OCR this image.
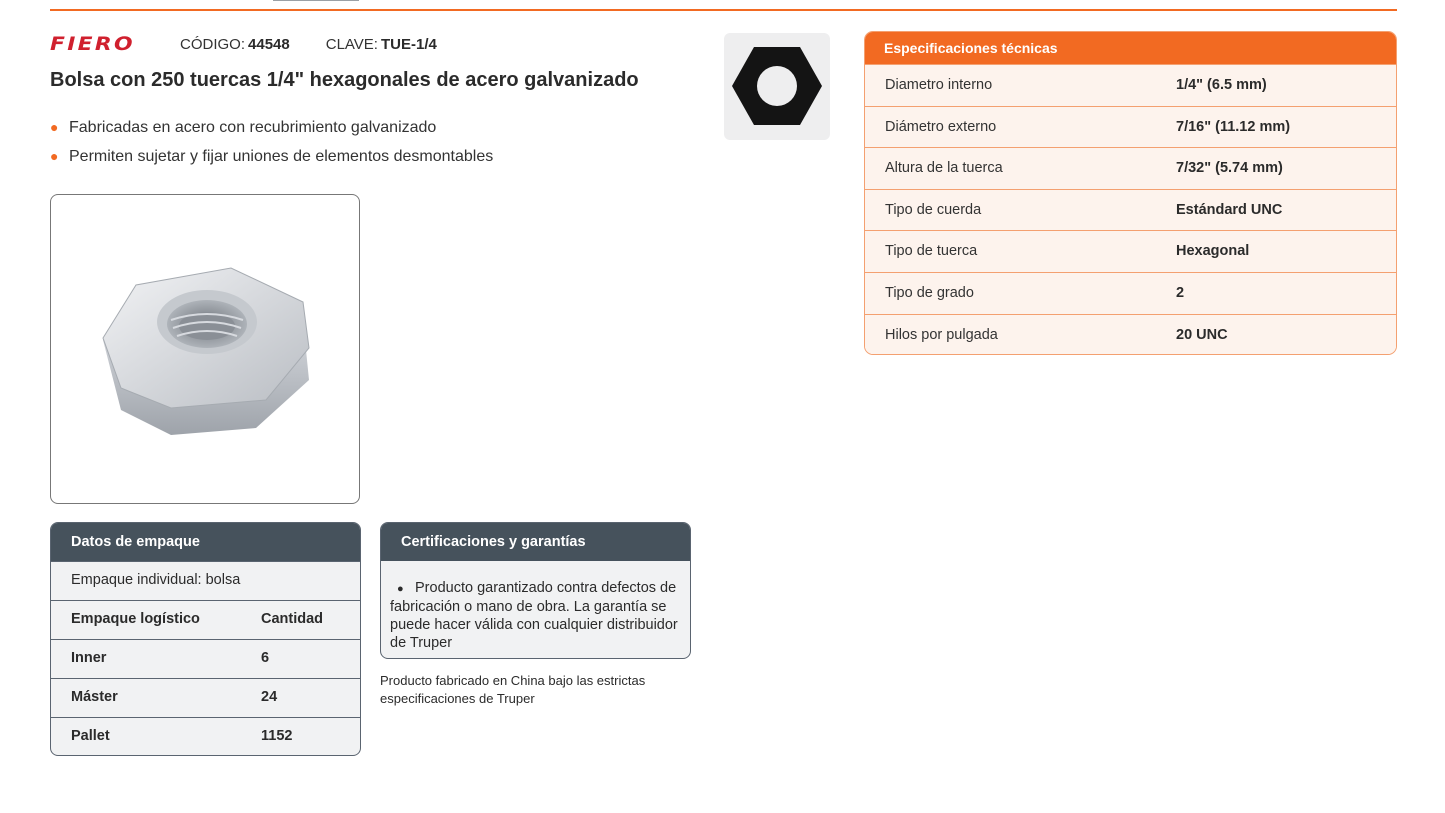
FIERO	CÓDIGO: 44548 CLAVE: TUE-1/4
Bolsa con 250 tuercas 1/4" hexagonales de acero galvanizado
● Fabricadas en acero con recubrimiento galvanizado
● Permiten sujetar y fijar uniones de elementos desmontables
Especificaciones técnicas
Diametro interno	1/4" (6.5 mm)
Diámetro externo	7/16" (11.12 mm)
Altura de la tuerca	7/32" (5.74 mm)
Tipo de cuerda	Estándard UNC
Tipo de tuerca	Hexagonal
Tipo de grado	2
Hilos por pulgada	20 UNC
Datos de empaque
Empaque individual: bolsa
Empaque logístico	Cantidad
Inner	6
Máster	24
Pallet	1152
Certificaciones y garantías
● Producto garantizado contra defectos de fabricación o mano de obra. La garantía se puede hacer válida con cualquier distribuidor de Truper

Producto fabricado en China bajo las estrictas especificaciones de Truper
